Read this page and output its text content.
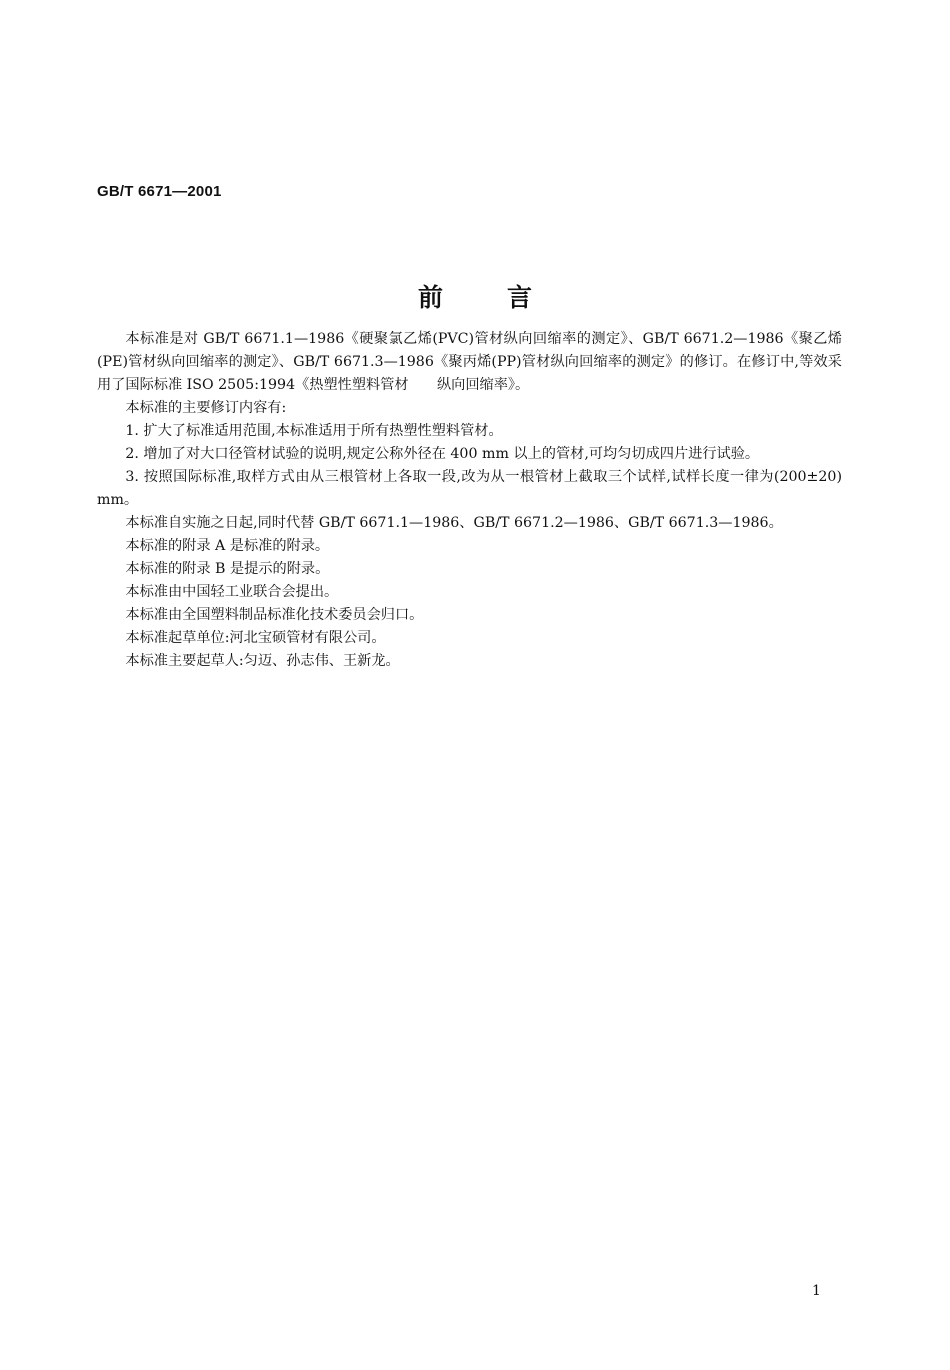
GB/T 6671—2001
前言

本标准是对 GB/T 6671.1—1986《硬聚氯乙烯(PVC)管材纵向回缩率的测定》、GB/T 6671.2—1986《聚乙烯(PE)管材纵向回缩率的测定》、GB/T 6671.3—1986《聚丙烯(PP)管材纵向回缩率的测定》的修订。在修订中,等效采用了国际标准 ISO 2505:1994《热塑性塑料管材　　纵向回缩率》。

本标准的主要修订内容有:

1. 扩大了标准适用范围,本标准适用于所有热塑性塑料管材。

2. 增加了对大口径管材试验的说明,规定公称外径在 400 mm 以上的管材,可均匀切成四片进行试验。

3. 按照国际标准,取样方式由从三根管材上各取一段,改为从一根管材上截取三个试样,试样长度一律为(200±20) mm。

本标准自实施之日起,同时代替 GB/T 6671.1—1986、GB/T 6671.2—1986、GB/T 6671.3—1986。

本标准的附录 A 是标准的附录。

本标准的附录 B 是提示的附录。

本标准由中国轻工业联合会提出。

本标准由全国塑料制品标准化技术委员会归口。

本标准起草单位:河北宝硕管材有限公司。

本标准主要起草人:匀迈、孙志伟、王新龙。

1
